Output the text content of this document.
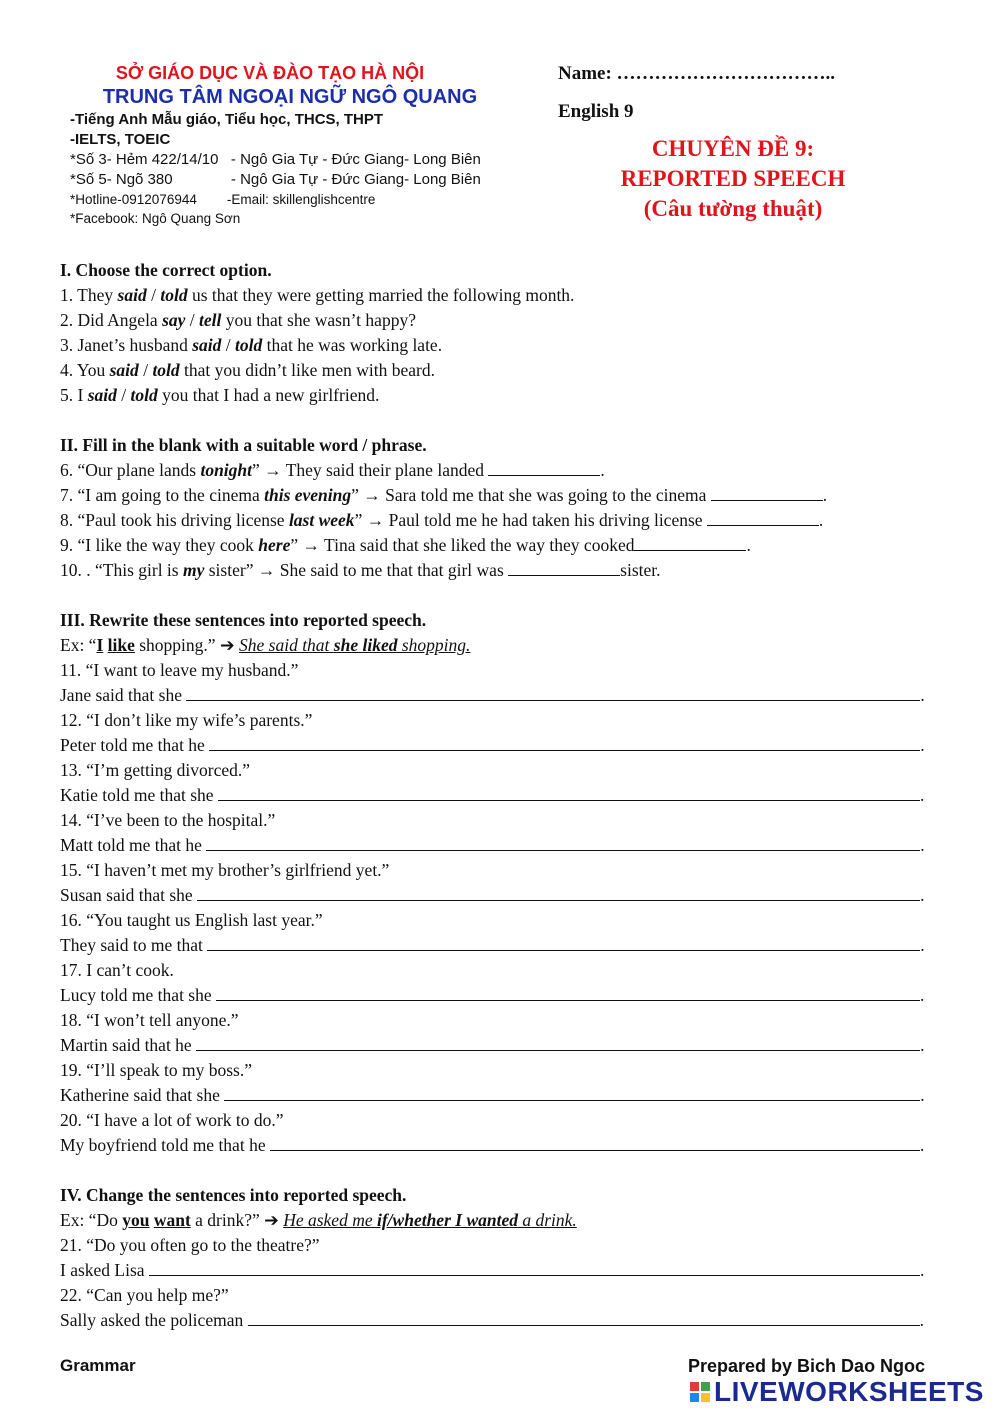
SỞ GIÁO DỤC VÀ ĐÀO TẠO HÀ NỘI
TRUNG TÂM NGOẠI NGỮ NGÔ QUANG
-Tiếng Anh Mẫu giáo, Tiểu học, THCS, THPT
-IELTS, TOEIC
*Số 3- Hẻm 422/14/10   - Ngô Gia Tự - Đức Giang- Long Biên
*Số 5- Ngõ 380              - Ngô Gia Tự - Đức Giang- Long Biên
*Hotline-0912076944        -Email: skillenglishcentre
*Facebook: Ngô Quang Sơn
Name: ……………………………..
English 9
CHUYÊN ĐỀ 9:
REPORTED SPEECH
(Câu tường thuật)
I. Choose the correct option.
1. They said / told us that they were getting married the following month.
2. Did Angela say / tell you that she wasn’t happy?
3. Janet’s husband said / told that he was working late.
4. You said / told that you didn’t like men with beard.
5. I said / told you that I had a new girlfriend.
II. Fill in the blank with a suitable word / phrase.
6. “Our plane lands tonight” → They said their plane landed	.
7. “I am going to the cinema this evening” → Sara told me that she was going to the cinema	.
8. “Paul took his driving license last week” → Paul told me he had taken his driving license	.
9. “I like the way they cook here” → Tina said that she liked the way they cooked	.
10. . “This girl is my sister” → She said to me that that girl was	sister.
III. Rewrite these sentences into reported speech.
Ex: “I like shopping.” ➔ She said that she liked shopping.
11. “I want to leave my husband.”
Jane said that she	.
12. “I don’t like my wife’s parents.”
Peter told me that he	.
13. “I’m getting divorced.”
Katie told me that she	.
14. “I’ve been to the hospital.”
Matt told me that he	.
15. “I haven’t met my brother’s girlfriend yet.”
Susan said that she	.
16. “You taught us English last year.”
They said to me that	.
17. I can’t cook.
Lucy told me that she	.
18. “I won’t tell anyone.”
Martin said that he	.
19. “I’ll speak to my boss.”
Katherine said that she	.
20. “I have a lot of work to do.”
My boyfriend told me that he	.
IV. Change the sentences into reported speech.
Ex: “Do you want a drink?” ➔ He asked me if/whether I wanted a drink.
21. “Do you often go to the theatre?”
I asked Lisa	.
22. “Can you help me?”
Sally asked the policeman	.
Grammar	Prepared by Bich Dao Ngoc
LIVEWORKSHEETS
